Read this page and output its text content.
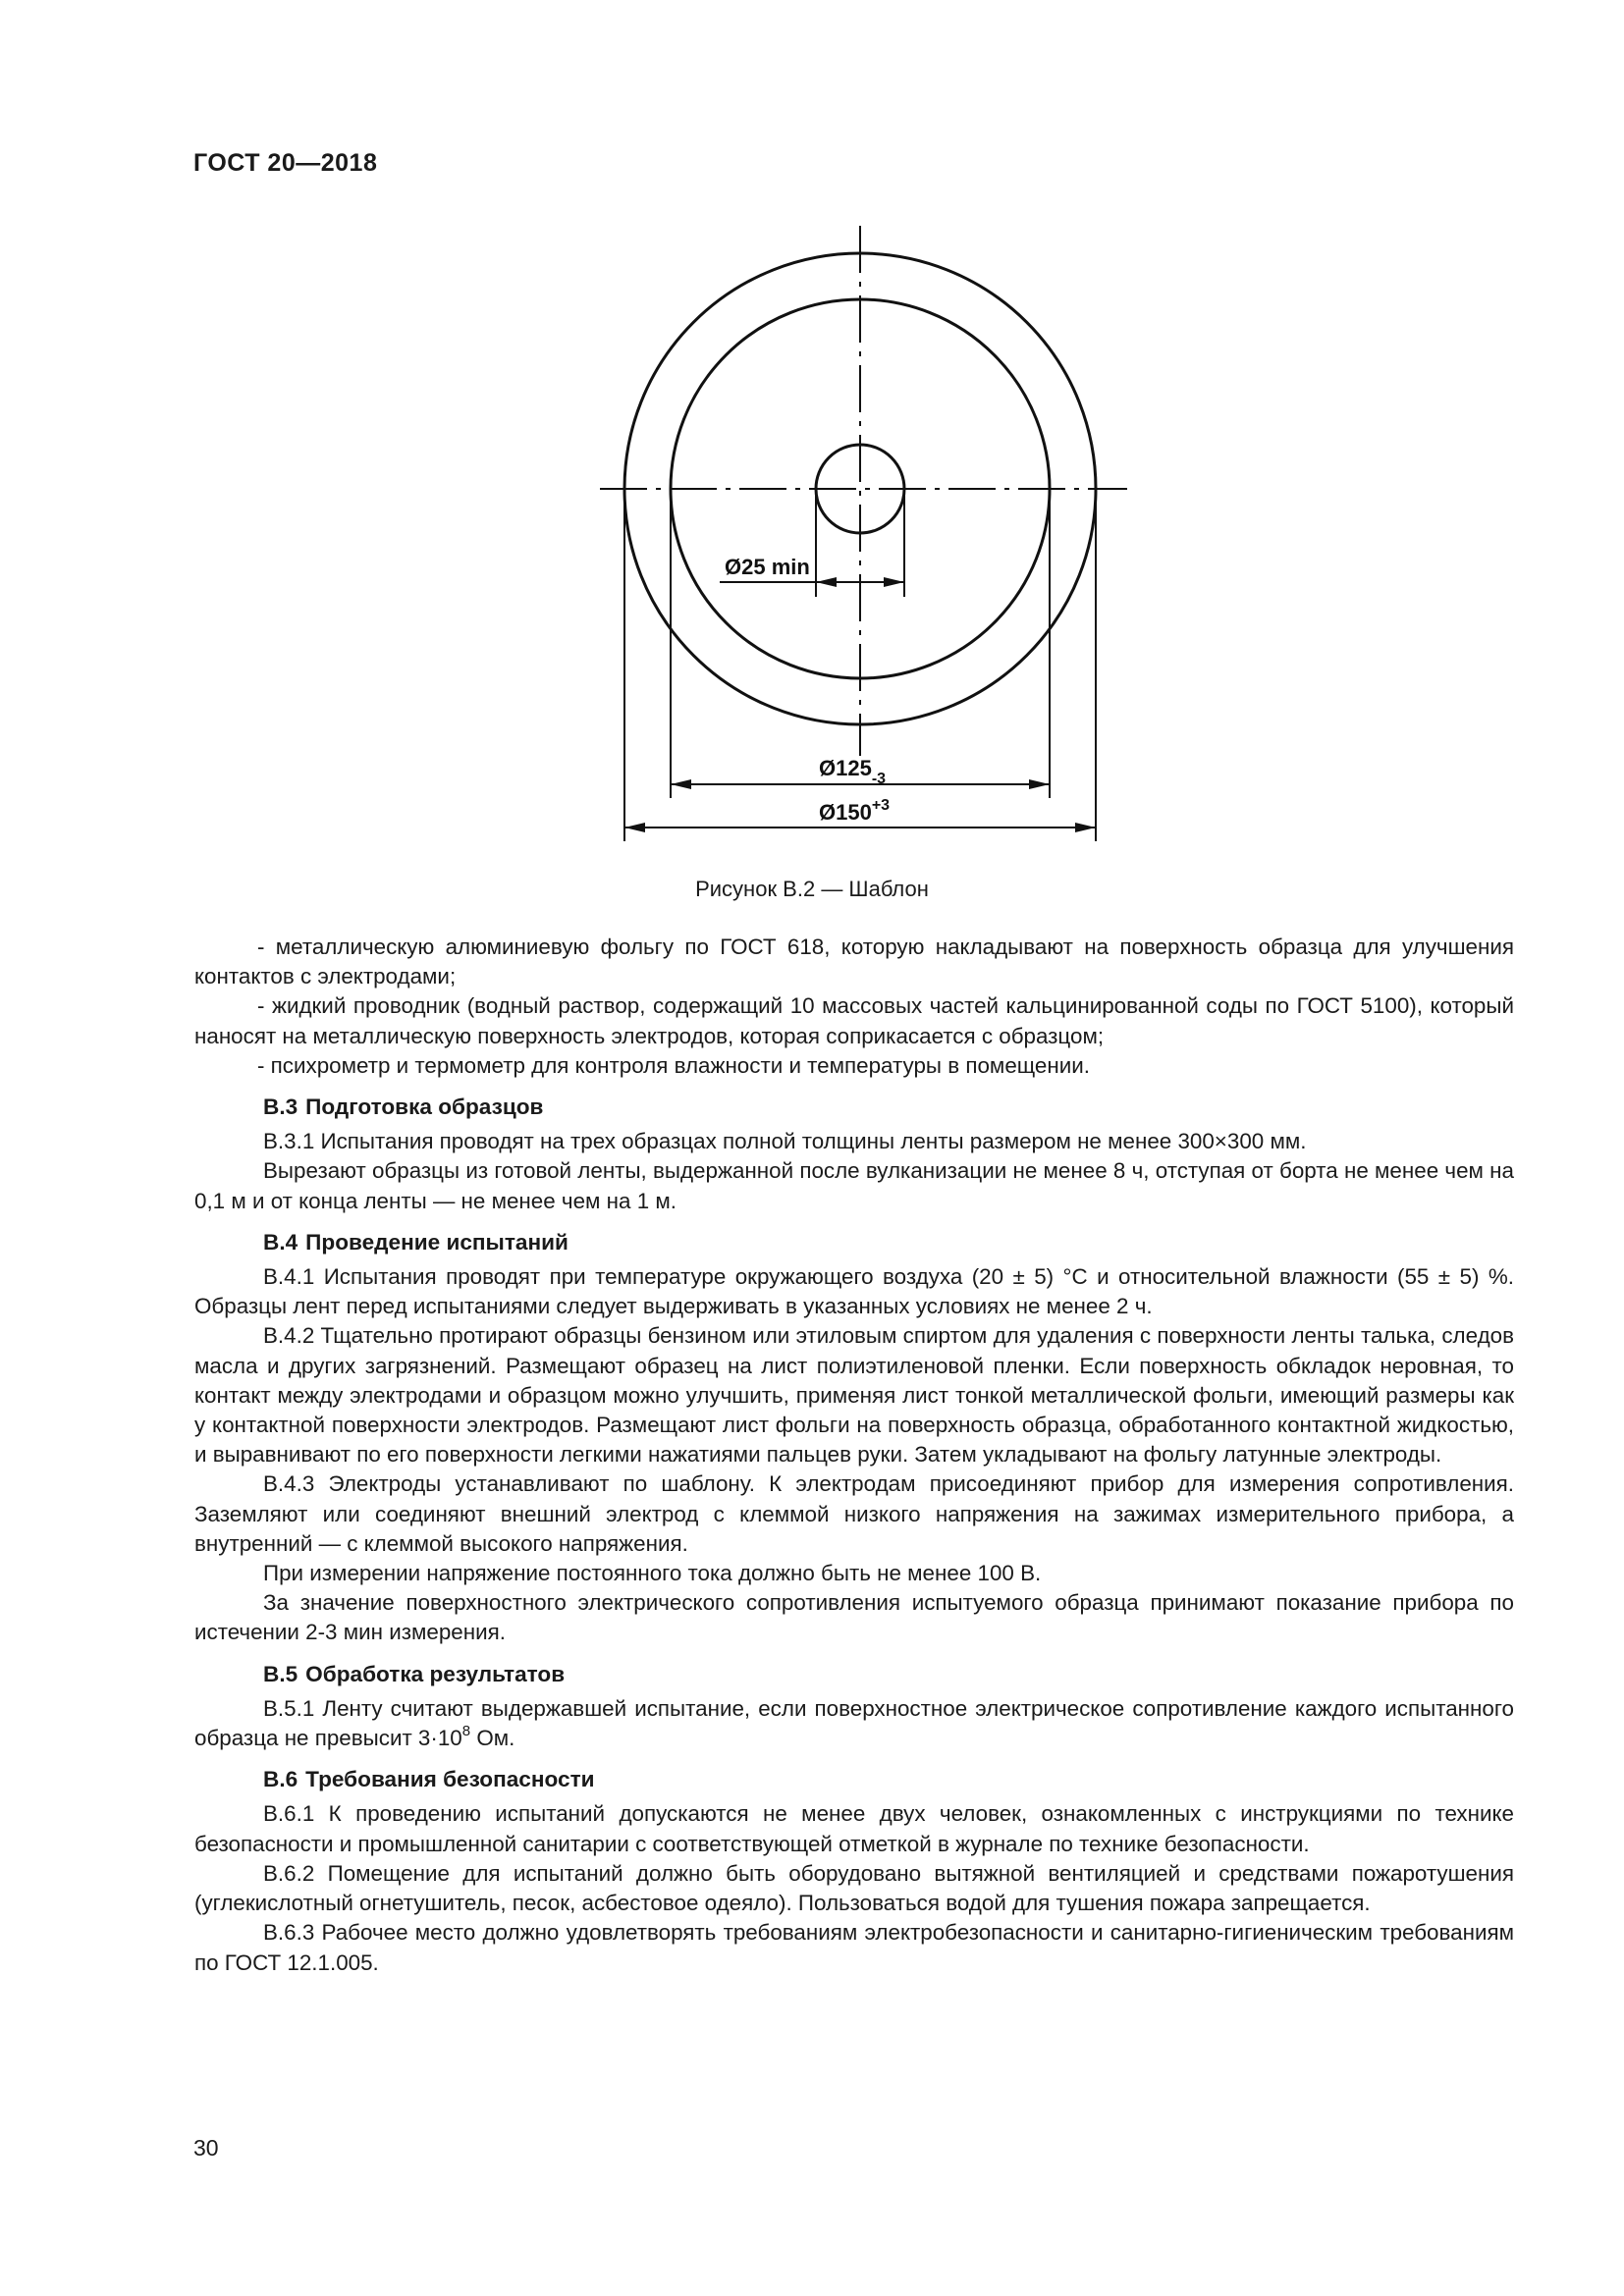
ГОСТ 20—2018
Ø25 min
$Ø125_{-3}$
$Ø150^{+3}$
Рисунок В.2 — Шаблон

- металлическую алюминиевую фольгу по ГОСТ 618, которую накладывают на поверхность образца для улучшения контактов с электродами;

- жидкий проводник (водный раствор, содержащий 10 массовых частей кальцинированной соды по ГОСТ 5100), который наносят на металлическую поверхность электродов, которая соприкасается с образцом;

- психрометр и термометр для контроля влажности и температуры в помещении.

В.3 Подготовка образцов

В.3.1 Испытания проводят на трех образцах полной толщины ленты размером не менее 300×300 мм.

Вырезают образцы из готовой ленты, выдержанной после вулканизации не менее 8 ч, отступая от борта не менее чем на 0,1 м и от конца ленты — не менее чем на 1 м.

В.4 Проведение испытаний

В.4.1 Испытания проводят при температуре окружающего воздуха (20 ± 5) °С и относительной влажности (55 ± 5) %. Образцы лент перед испытаниями следует выдерживать в указанных условиях не менее 2 ч.

В.4.2 Тщательно протирают образцы бензином или этиловым спиртом для удаления с поверхности ленты талька, следов масла и других загрязнений. Размещают образец на лист полиэтиленовой пленки. Если поверхность обкладок неровная, то контакт между электродами и образцом можно улучшить, применяя лист тонкой металлической фольги, имеющий размеры как у контактной поверхности электродов. Размещают лист фольги на поверхность образца, обработанного контактной жидкостью, и выравнивают по его поверхности легкими нажатиями пальцев руки. Затем укладывают на фольгу латунные электроды.

В.4.3 Электроды устанавливают по шаблону. К электродам присоединяют прибор для измерения сопротивления. Заземляют или соединяют внешний электрод с клеммой низкого напряжения на зажимах измерительного прибора, а внутренний — с клеммой высокого напряжения.

При измерении напряжение постоянного тока должно быть не менее 100 В.

За значение поверхностного электрического сопротивления испытуемого образца принимают показание прибора по истечении 2-3 мин измерения.

В.5 Обработка результатов

В.5.1 Ленту считают выдержавшей испытание, если поверхностное электрическое сопротивление каждого испытанного образца не превысит $3\cdot 10^8$ Ом.

В.6 Требования безопасности

В.6.1 К проведению испытаний допускаются не менее двух человек, ознакомленных с инструкциями по технике безопасности и промышленной санитарии с соответствующей отметкой в журнале по технике безопасности.

В.6.2 Помещение для испытаний должно быть оборудовано вытяжной вентиляцией и средствами пожаротушения (углекислотный огнетушитель, песок, асбестовое одеяло). Пользоваться водой для тушения пожара запрещается.

В.6.3 Рабочее место должно удовлетворять требованиям электробезопасности и санитарно-гигиеническим требованиям по ГОСТ 12.1.005.

30
